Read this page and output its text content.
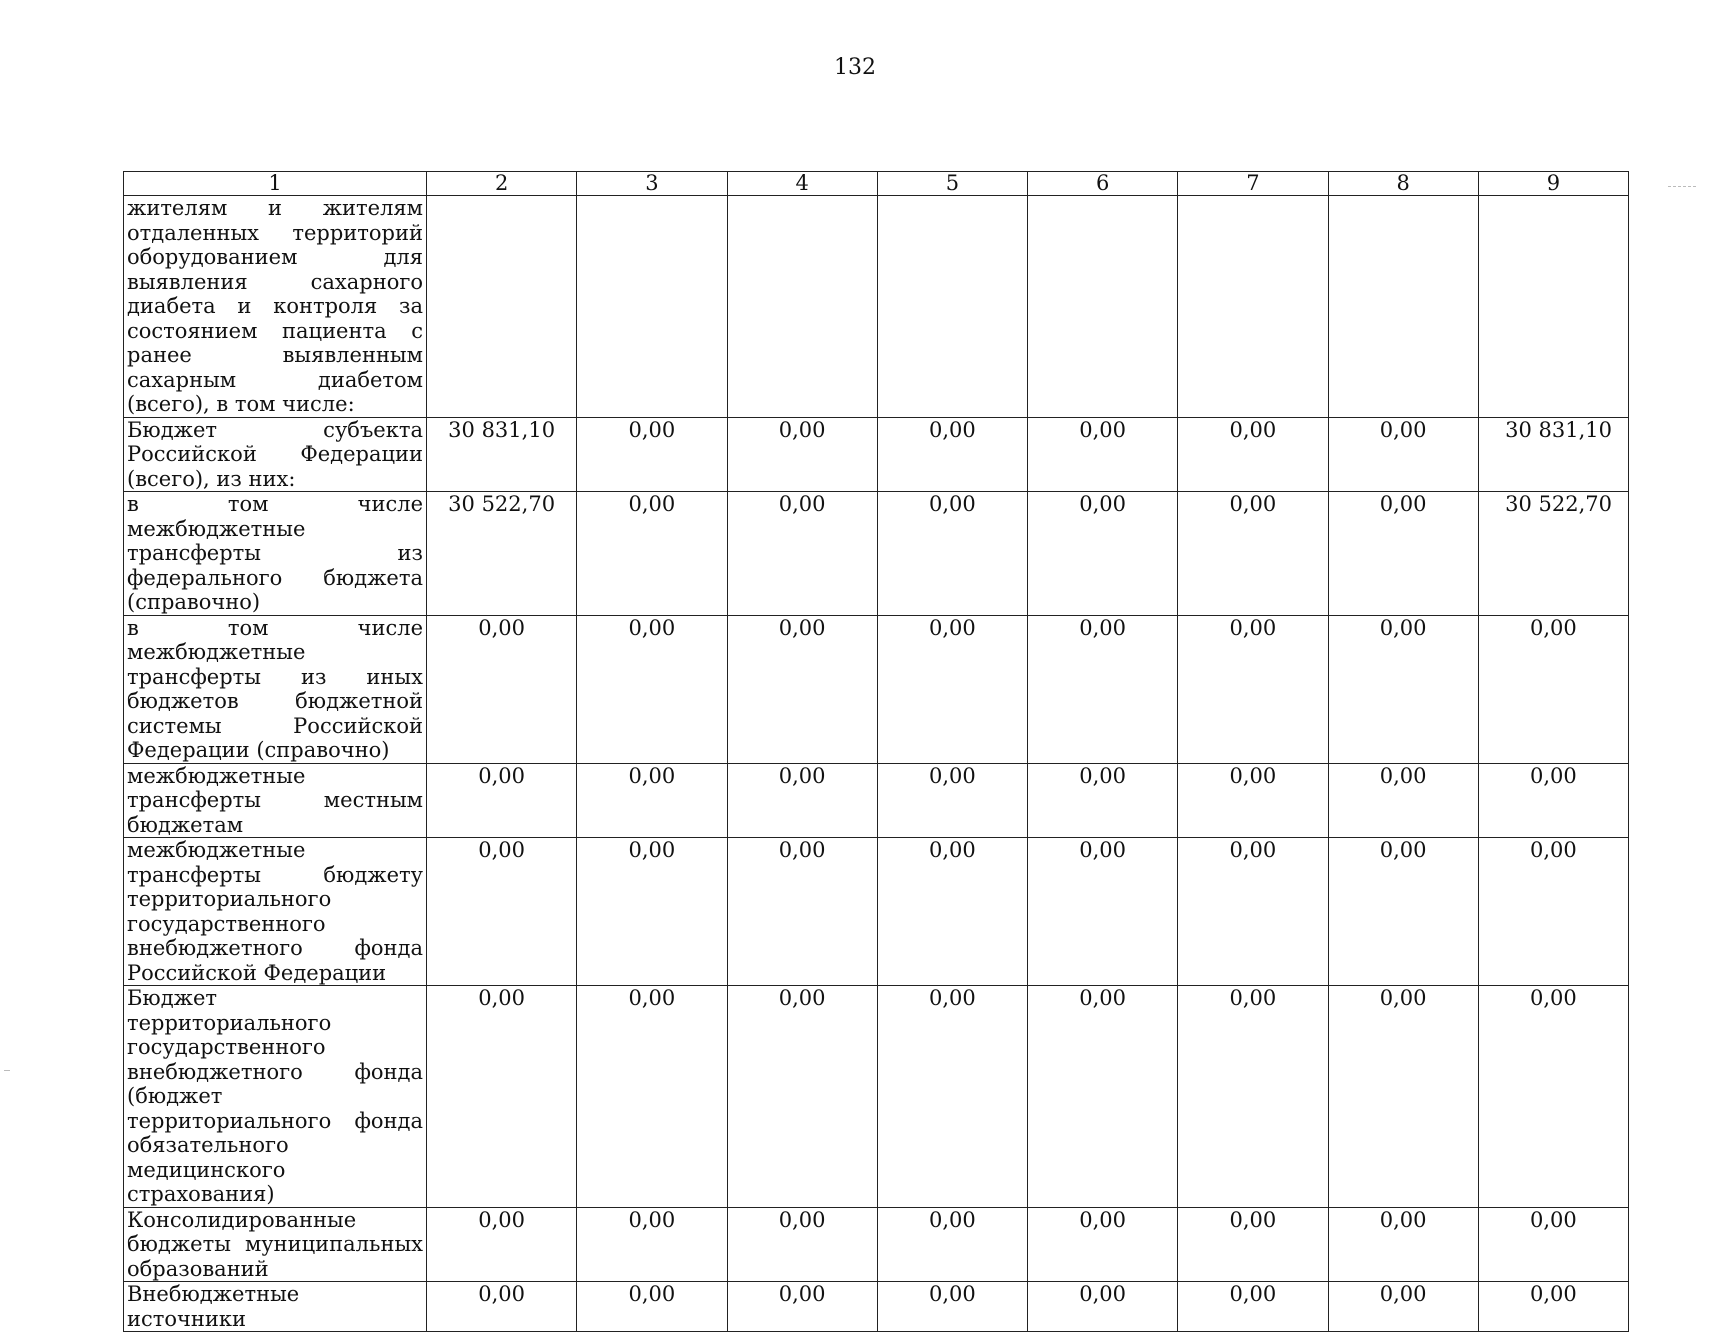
132
1	2	3	4	5	6	7	8	9
жителям и жителям отдаленных территорий оборудованием для выявления сахарного диабета и контроля за состоянием пациента с ранее выявленным сахарным диабетом (всего), в том числе:								
Бюджет субъекта Российской Федерации (всего), из них:	30 831,10	0,00	0,00	0,00	0,00	0,00	0,00	30 831,10
в том числе межбюджетные трансферты из федерального бюджета (справочно)	30 522,70	0,00	0,00	0,00	0,00	0,00	0,00	30 522,70
в том числе межбюджетные трансферты из иных бюджетов бюджетной системы Российской Федерации (справочно)	0,00	0,00	0,00	0,00	0,00	0,00	0,00	0,00
межбюджетные трансферты местным бюджетам	0,00	0,00	0,00	0,00	0,00	0,00	0,00	0,00
межбюджетные трансферты бюджету территориального государственного внебюджетного фонда Российской Федерации	0,00	0,00	0,00	0,00	0,00	0,00	0,00	0,00
Бюджет территориального государственного внебюджетного фонда (бюджет территориального фонда обязательного медицинского страхования)	0,00	0,00	0,00	0,00	0,00	0,00	0,00	0,00
Консолидированные бюджеты муниципальных образований	0,00	0,00	0,00	0,00	0,00	0,00	0,00	0,00
Внебюджетные источники	0,00	0,00	0,00	0,00	0,00	0,00	0,00	0,00
